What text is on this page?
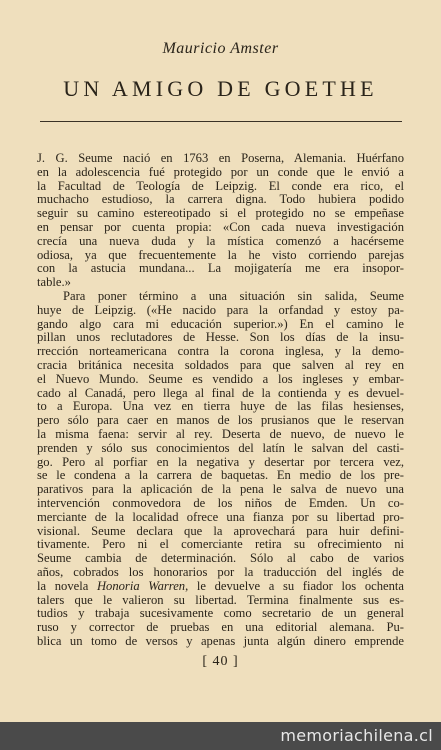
Mauricio Amster
UN AMIGO DE GOETHE
J. G. Seume nació en 1763 en Poserna, Alemania. Huérfano
en la adolescencia fué protegido por un conde que le envió a
la Facultad de Teología de Leipzig. El conde era rico, el
muchacho estudioso, la carrera digna. Todo hubiera podido
seguir su camino estereotipado si el protegido no se empeñase
en pensar por cuenta propia: «Con cada nueva investigación
crecía una nueva duda y la mística comenzó a hacérseme
odiosa, ya que frecuentemente la he visto corriendo parejas
con la astucia mundana... La mojigatería me era insopor-
table.»
Para poner término a una situación sin salida, Seume
huye de Leipzig. («He nacido para la orfandad y estoy pa-
gando algo cara mi educación superior.») En el camino le
pillan unos reclutadores de Hesse. Son los días de la insu-
rrección norteamericana contra la corona inglesa, y la demo-
cracia británica necesita soldados para que salven al rey en
el Nuevo Mundo. Seume es vendido a los ingleses y embar-
cado al Canadá, pero llega al final de la contienda y es devuel-
to a Europa. Una vez en tierra huye de las filas hesienses,
pero sólo para caer en manos de los prusianos que le reservan
la misma faena: servir al rey. Deserta de nuevo, de nuevo le
prenden y sólo sus conocimientos del latín le salvan del casti-
go. Pero al porfiar en la negativa y desertar por tercera vez,
se le condena a la carrera de baquetas. En medio de los pre-
parativos para la aplicación de la pena le salva de nuevo una
intervención conmovedora de los niños de Emden. Un co-
merciante de la localidad ofrece una fianza por su libertad pro-
visional. Seume declara que la aprovechará para huir defini-
tivamente. Pero ni el comerciante retira su ofrecimiento ni
Seume cambia de determinación. Sólo al cabo de varios
años, cobrados los honorarios por la traducción del inglés de
la novela Honoria Warren, le devuelve a su fiador los ochenta
talers que le valieron su libertad. Termina finalmente sus es-
tudios y trabaja sucesivamente como secretario de un general
ruso y corrector de pruebas en una editorial alemana. Pu-
blica un tomo de versos y apenas junta algún dinero emprende
[ 40 ]
memoriachilena.cl
